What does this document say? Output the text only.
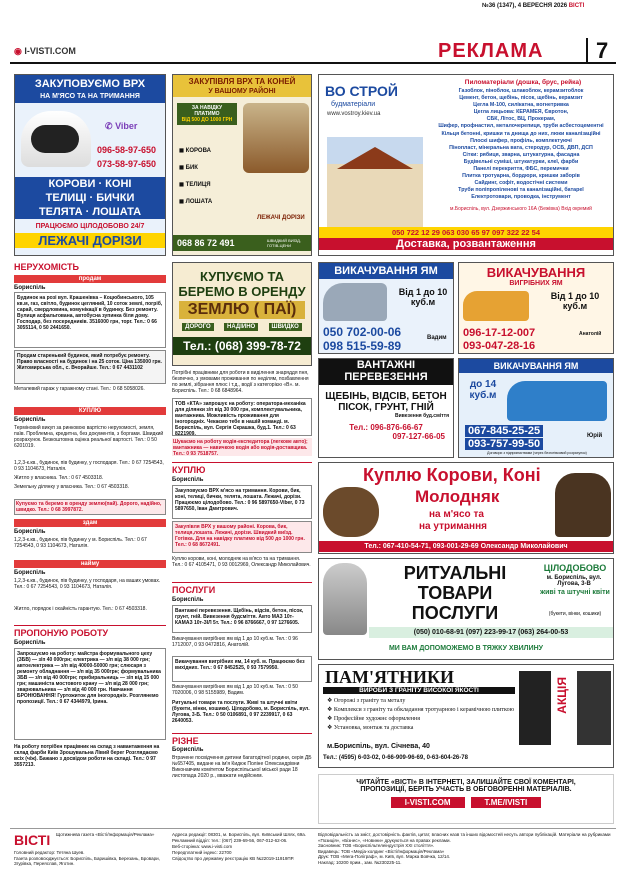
№36 (1347), 4 ВЕРЕСНЯ 2026 ВІСТІ
◉ I-VISTI.COM	РЕКЛАМА	7
ЗАКУПОВУЄМО ВРХ
НА М'ЯСО ТА НА ТРИМАННЯ
✆ Viber
096-58-97-650
073-58-97-650
КОРОВИ · КОНІ
ТЕЛИЦІ · БИЧКИ
ТЕЛЯТА · ЛОШАТА
ПРАЦЮЄМО ЦІЛОДОБОВО 24/7
ЛЕЖАЧІ ДОРІЗИ
ЗАКУПІВЛЯ ВРХ ТА КОНЕЙ
У ВАШОМУ РАЙОНІ
ЗА НАВІДКУ ПЛАТИМО
ВІД 500 ДО 1000 ГРН
◼ КОРОВА
◼ БИК
◼ ТЕЛИЦЯ
◼ ЛОШАТА
ЛЕЖАЧІ ДОРІЗИ
068 86 72 491	ШВИДКИЙ ВИЇЗД, ГОТІВ-ЦЕНИ
ВО СТРОЙ
будматеріали
www.vostroy.kiev.ua
Пиломатеріали (дошка, брус, рейка)
Газоблок, піноблок, шлакоблок, керамзитоблок
Цемент, бетон, щебінь, пісок, щебінь, керамзит
Цегла М-100, силікатна, вогнетривка
Цегла лицьова: КЕРАМЕЯ, Євротон,
СБК, Літос, ВЦ, Прокерам,
Шифер, профнастил, металочерепиця, труби асбестоцементні
Кільця бетонні, кришки та днища до них, люки каналізаційні
Плоскі шифер, профіль, комплектуючі
Пінопласт, мінеральна вата, стеродур, ОСБ, ДВП, ДСП
Сітки: рябиця, зварна, штукатурна, фасадна
Будівельні суміші, штукатурки, клеї, фарби
Панелі перекриття, ФБС, перемички
Плитка тротуарна, бордюри, кришки заборів
Сайдинг, софіт, водостічні системи
Труби поліпропіленові та каналізаційні, батареї
Електротовари, проводка, інструмент
м.Бориспіль, вул. Дзержинського 16А (Бежівка) Вхід окремий
050 722 12 29 063 030 65 97 097 322 22 54
Доставка, розвантаження
НЕРУХОМІСТЬ
продам
Бориспіль
Будинок на розі вул. Крашенівка – Коцюбинського, 105 кв.м, газ, світло, будинок цегляний, 10 соток землі, погріб, сарай, свердловина, комунікації в будинку. Без ремонту. Вулиця асфальтована, автобусна зупинка біля дому. Господар, без посередників. 3516000 грн, торг. Тел.: 0 66 3055114, 0 50 2441650.
Продам старенький будинок, який потребує ремонту. Право власності на будинок і на 25 соток. Ціна 135000 грн. Житомирська обл., с. Вчорайше. Тел.: 0 67 4431102
Металевий гараж у гаражному стані. Тел.: 0 68 5058026.
КУПЛЮ
Бориспіль
Терміновий викуп за ринковою вартістю нерухомості, земля, паїв. Проблемна, кредитна, без документів, з боргами. Швидкий розрахунок. Безкоштовна оцінка реальної вартості. Тел.: 0 50 6201019.
1,2,3-к.кв., будинок, пів будинку, у господаря. Тел.: 0 67 7254543, 0 93 1104673, Наталія.
Житло у власника. Тел.: 0 67 4503318.
Земельну ділянку у власника. Тел.: 0 67 4503318.
Купуємо та беремо в оренду землю(пай). Дорого, надійно, швидко. Тел.: 0 68 3997872.
здам
Бориспіль
1,2,3-к.кв., будинок, пів будинку у м. Бориспіль. Тел.: 0 67 7254543, 0 93 1104673, Наталія.
найму
Бориспіль
1,2,3-к.кв., будинок, пів будинку, у господаря, на ваших умовах. Тел.: 0 67 7254543, 0 93 1104673, Наталія.
Житло, порядок і охайність гарантую. Тел.: 0 67 4503318.
ПРОПОНУЮ РОБОТУ
Бориспіль
Запрошуємо на роботу: майстра формувального цеху (ЗБВ) — з/п 40 000грн; електрика — з/п від 38 000 грн; автоелектрика — з/п від 40000-50000 грн; слюсаря з ремонту обладнання — з/п від 35 000грн; формувальника ЗБВ — з/п від 40 000грн; прибиральниць — з/п від 15 000 грн; машиніста мостового крану — з/п від 28 000 грн; зварювальника — з/п від 40 000 грн. Навчання БРОНЮВАННЯ! Гуртожиток для іногородніх. Розглянемо пропозиції. Тел.: 0 67 4344979, Ірина.
На роботу потрібен працівник на склад з навантаження на склад фарби Київ Зрошувальна Лівий берег Розглядаємо всіх (ч/ж). Бажано з досвідом роботи на складі. Тел.: 0 97 3557213.
КУПУЄМО ТА
БЕРЕМО В ОРЕНДУ
ЗЕМЛЮ ( ПАЇ)
ДОРОГО	НАДІЙНО	ШВИДКО
Тел.: (068) 399-78-72
Потрібні працівники для роботи в виділення знаряддя пня, безпечно, з умовами проживання по неділям, позбавлення по землі, зібрання плюс і т.д., водії з категорією «В». м. Бориспіль. Тел.: 0 68 6848964.
ТОВ «КТА» запрошує на роботу: оператора-механіка для ділянки з/п від 30 000 грн, комплектувальника, вантажника. Можливість проживання для іногородніх. Чекаємо тебе в нашій команді. м. Бориспіль, вул. Сергія Скрашка, буд.1. Тел.: 0 63 8221909.
Шукаємо на роботу водія-експедитора (легкове авто); вантажника — навичкою водія або водія-доставщика. Тел.: 0 93 7518757.
КУПЛЮ
Бориспіль
Закуповуємо ВРХ м'ясо на тримання. Корови, бик, коні, телиці, бички, телята, лошата. Лежачі, дорізи. Працюємо цілодобово. Тел.: 0 96 5897650-Viber, 0 73 5897650, Іван Дмитрович.
Закупівля ВРХ у вашому районі. Корова, бик, телиця,лошата. Лежачі, дорізи. Швидкий виїзд. Готівка. Для на навідку платимо від 500 до 1000 грн. Тел.: 0 68 8672491.
Куплю корови, коні, молодняк на м'ясо та на тримання. Тел.: 0 67 4105471, 0 93 0012969, Олександр Миколайович.
ПОСЛУГИ
Бориспіль
Вантажні перевезення. Щебінь, відсів, бетон, пісок, грунт, гній. Вивезення будсміття. Авто МАЗ 10т-КАМАЗ 10т-ЗІЛ 5т. Тел.: 0 96 8766667, 0 97 1276605.
Викачування вигрібних ям від 1 до 10 куб.м. Тел.: 0 96 1712007, 0 93 0472816, Анатолій.
Викачування вигрібних ям, 14 куб. м. Працюємо без вихідних. Тел.: 0 67 8452525, 0 93 7579950.
Викачування вигрібних ям від 1 до 10 куб.м. Тел.: 0 50 7020006, 0 98 5155989, Вадим.
Ритуальні товари та послуги. Живі та штучні квіти (букети, вінки, кошики). Цілодобово, м. Бориспіль, вул. Лугова, 3-Б. Тел.: 0 50 0106891, 0 97 2239917, 0 63 2640053.
РІЗНЕ
Бориспіль
Втрачене посвідчення дитини багатодітної родини, серія ДБ №657405, видане на ім'я Кидюк Полінe Олександрівни Виконавчим комітетом Бориспільської міської ради 18 листопада 2020 р., вважати недійсним.
ВИКАЧУВАННЯ ЯМ
Від 1 до 10 куб.м
050 702-00-06
098 515-59-89
Вадим
ВИКАЧУВАННЯ
ВИГРІБНИХ ЯМ
Від 1 до 10 куб.м
096-17-12-007
093-047-28-16
Анатолій
ВАНТАЖНІ
ПЕРЕВЕЗЕННЯ
ЩЕБІНЬ, ВІДСІВ, БЕТОН
ПІСОК, ГРУНТ, ГНІЙ
Вивезення буд.сміття
Тел.: 096-876-66-67
097-127-66-05
ВИКАЧУВАННЯ ЯМ
до 14 куб.м
067-845-25-25
093-757-99-50
Юрій
Договори з підприємствами (через безготівковий розрахунок)
Куплю Корови, Коні
Молодняк
на м'ясо та
на утримання
Тел.: 067-410-54-71, 093-001-29-69 Олександр Миколайович
РИТУАЛЬНІ
ТОВАРИ
ПОСЛУГИ
ЦІЛОДОБОВО
м. Бориспіль, вул. Лугова, 3-В
живі та штучні квіти
(букети, вінки, кошики)
(050) 010-68-91 (097) 223-99-17 (063) 264-00-53
МИ ВАМ ДОПОМОЖЕМО В ТЯЖКУ ХВИЛИНУ
ПАМ'ЯТНИКИ
ВИРОБИ З ГРАНІТУ ВИСОКОЇ ЯКОСТІ
❖ Огорожі з граніту та металу
❖ Комплекси з граніту та обкладання тротуарною і керамічною плиткою
❖ Професійне художнє оформлення
❖ Установка, монтаж та доставка
м.Бориспіль, вул. Січнева, 40
Тел.: (4595) 6-03-02, 0-66-909-96-69, 0-63-604-26-78
АКЦІЯ
ЧИТАЙТЕ «ВІСТІ» В ІНТЕРНЕТІ, ЗАЛИШАЙТЕ СВОЇ КОМЕНТАРІ,
ПРОПОЗИЦІЇ, БЕРІТЬ УЧАСТЬ В ОБГОВОРЕННІ МАТЕРІАЛІВ.
I-VISTI.COM	T.ME/IVISTI
ВІСТІ Щотижнева газета «Вісті/Інформація/Реклама»
Головний редактор: Тетяна Шуев.
Газета розповсюджується: Бориспіль, Баришівка, Березань, Бровари, Згурівка, Переяслав, Яготин.
Адреса редакції: 08301, м. Бориспіль, вул. Київський Шлях, 69а.
Рекламний відділ: тел.: (067) 239-69-56, 067-012-62-06.
Веб-сторінка: www.i-visti.com
Передплатний індекс: 22700
Свідоцтво про державну реєстрацію КВ №22019-11919ПР.
Відповідальність за зміст, достовірність фактів, цитат, власних назв та інших відомостей несуть автори публікацій. Матеріали на рубриками «Позиція», «Бізнес», «Новини» друкуються на правах реклами.
Засновник: ТОВ «Бориспільтелеіндустрія ХХІ століття».
Видавець: ТОВ «Медіа-холдинг «Вісті/Інформація/Реклама»
Друк: ТОВ «Мега-Поліграф», м. Київ, вул. Марка Вовчка, 12/14.
Наклад: 10200 прим., зам. №230225-11.
